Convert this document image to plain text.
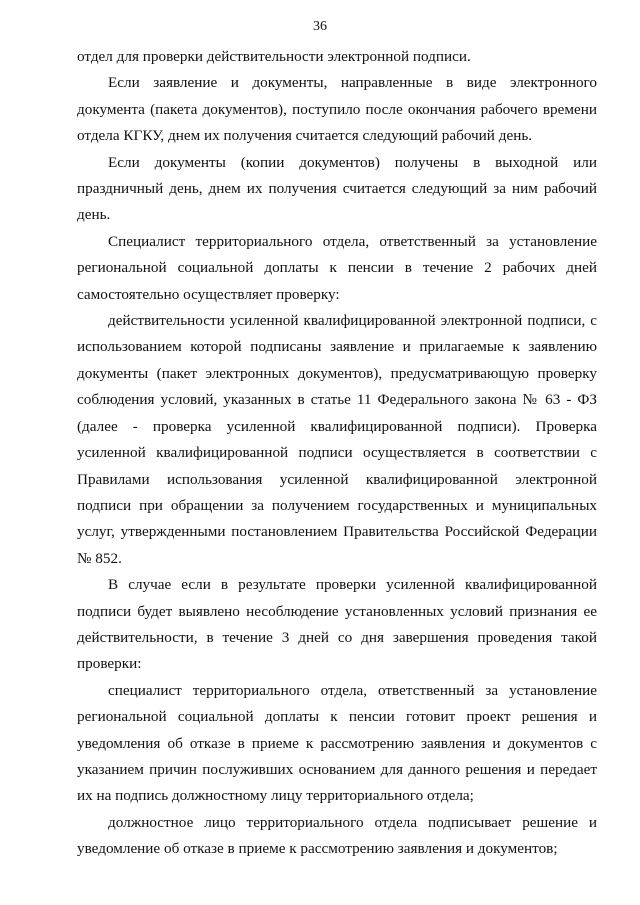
36

отдел для проверки действительности электронной подписи.

Если заявление и документы, направленные в виде электронного документа (пакета документов), поступило после окончания рабочего времени отдела КГКУ, днем их получения считается следующий рабочий день.

Если документы (копии документов) получены в выходной или праздничный день, днем их получения считается следующий за ним рабочий день.

Специалист территориального отдела, ответственный за установление региональной социальной доплаты к пенсии в течение 2 рабочих дней самостоятельно осуществляет проверку:

действительности усиленной квалифицированной электронной подписи, с использованием которой подписаны заявление и прилагаемые к заявлению документы (пакет электронных документов), предусматривающую проверку соблюдения условий, указанных в статье 11 Федерального закона № 63 - ФЗ (далее - проверка усиленной квалифицированной подписи). Проверка усиленной квалифицированной подписи осуществляется в соответствии с Правилами использования усиленной квалифицированной электронной подписи при обращении за получением государственных и муниципальных услуг, утвержденными постановлением Правительства Российской Федерации № 852.

В случае если в результате проверки усиленной квалифицированной подписи будет выявлено несоблюдение установленных условий признания ее действительности, в течение 3 дней со дня завершения проведения такой проверки:

специалист территориального отдела, ответственный за установление региональной социальной доплаты к пенсии готовит проект решения и уведомления об отказе в приеме к рассмотрению заявления и документов с указанием причин послуживших основанием для данного решения и передает их на подпись должностному лицу территориального отдела;

должностное лицо территориального отдела подписывает решение и уведомление об отказе в приеме к рассмотрению заявления и документов;
